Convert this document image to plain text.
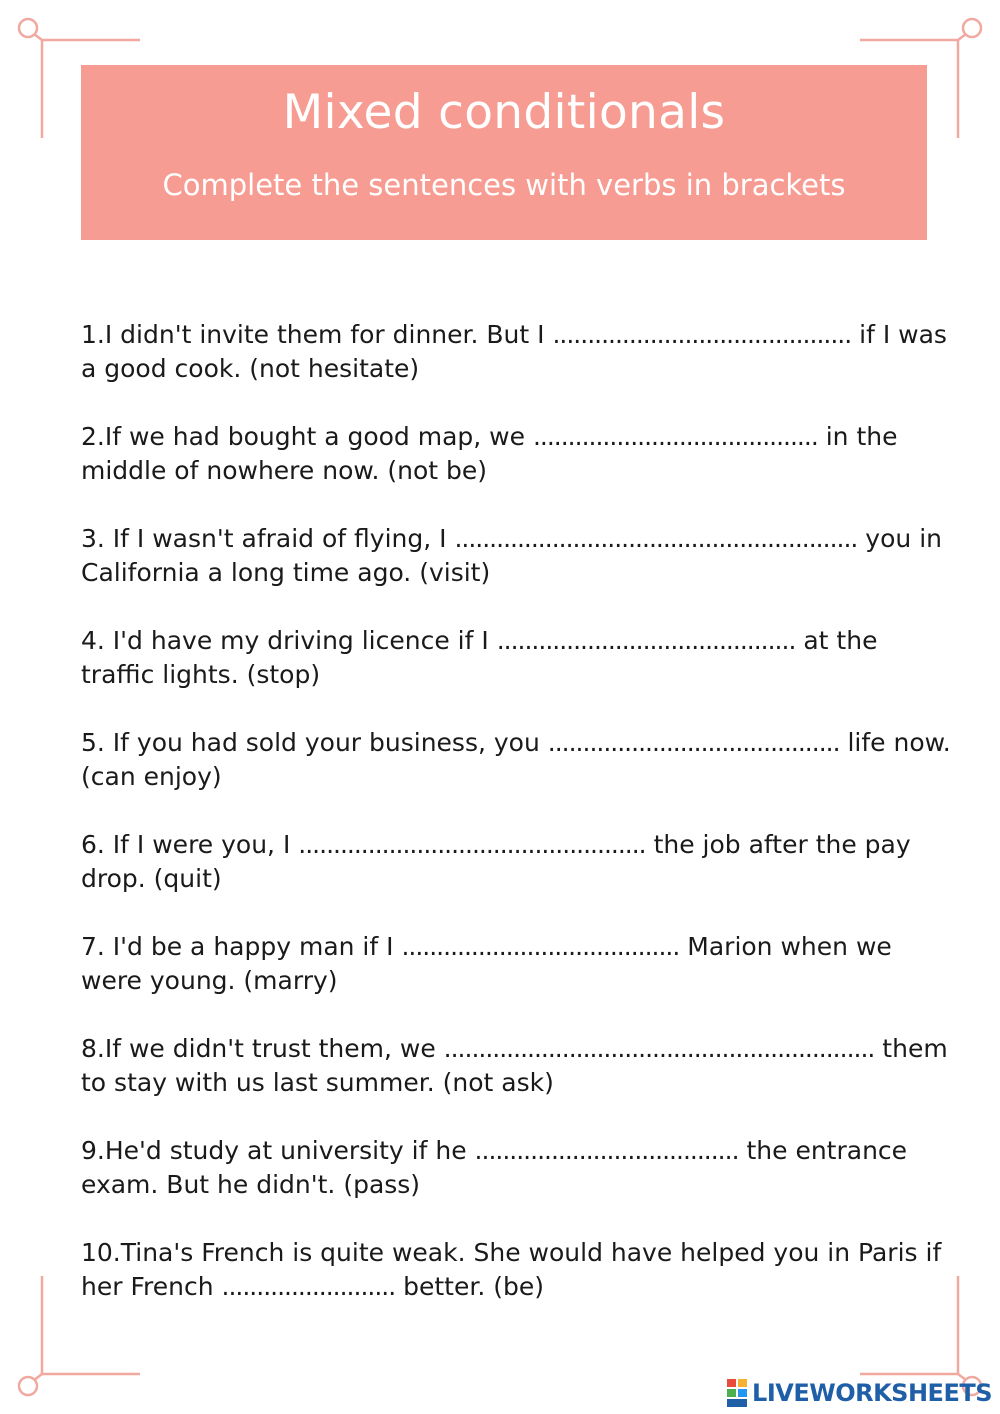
Mixed conditionals

Complete the sentences with verbs in brackets

1.I didn't invite them for dinner. But I ........................................... if I was a good cook. (not hesitate)
2.If we had bought a good map, we ......................................... in the middle of nowhere now. (not be)
3. If I wasn't afraid of flying, I .......................................................... you in California a long time ago. (visit)
4. I'd have my driving licence if I ........................................... at the traffic lights. (stop)
5. If you had sold your business, you .......................................... life now. (can enjoy)
6. If I were you, I .................................................. the job after the pay drop. (quit)
7. I'd be a happy man if I ........................................ Marion when we were young. (marry)
8.If we didn't trust them, we .............................................................. them to stay with us last summer. (not ask)
9.He'd study at university if he ...................................... the entrance exam. But he didn't. (pass)
10.Tina's French is quite weak. She would have helped you in Paris if her French ......................... better. (be)
LIVEWORKSHEETS
